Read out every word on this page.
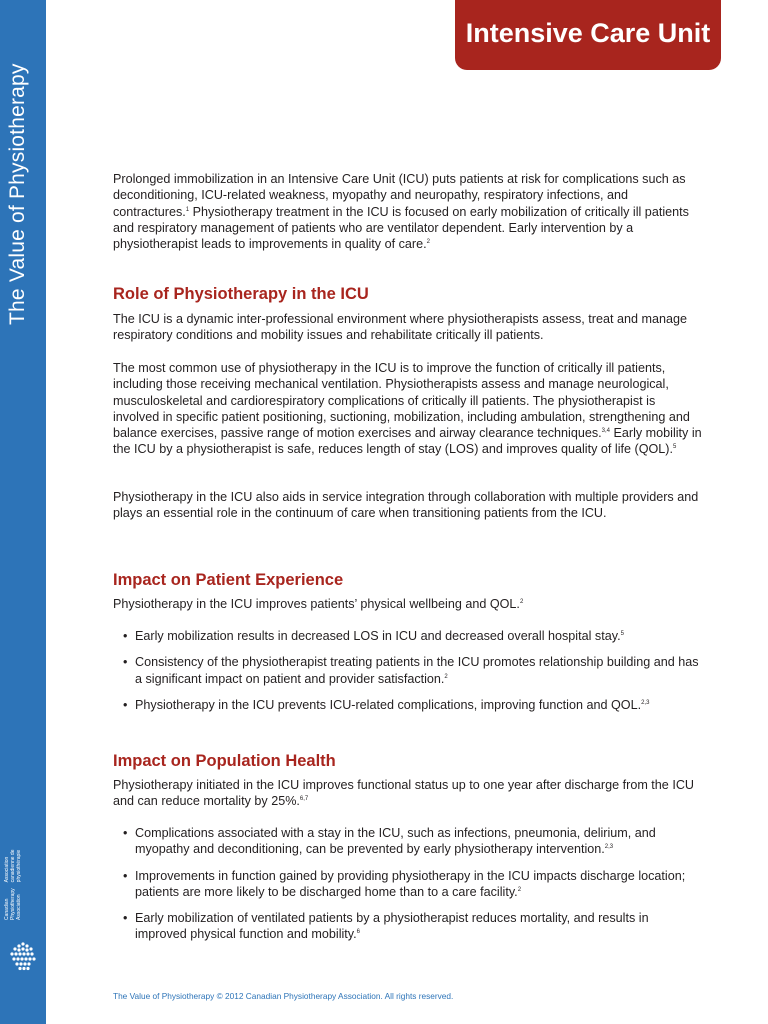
The Value of Physiotherapy
Canadian Physiotherapy Association
Association canadienne de physiothérapie
Intensive Care Unit

Prolonged immobilization in an Intensive Care Unit (ICU) puts patients at risk for complications such as deconditioning, ICU-related weakness, myopathy and neuropathy, respiratory infections, and contractures.$^1$ Physiotherapy treatment in the ICU is focused on early mobilization of critically ill patients and respiratory management of patients who are ventilator dependent. Early intervention by a physiotherapist leads to improvements in quality of care.$^2$

Role of Physiotherapy in the ICU

The ICU is a dynamic inter-professional environment where physiotherapists assess, treat and manage respiratory conditions and mobility issues and rehabilitate critically ill patients.

The most common use of physiotherapy in the ICU is to improve the function of critically ill patients, including those receiving mechanical ventilation. Physiotherapists assess and manage neurological, musculoskeletal and cardiorespiratory complications of critically ill patients. The physiotherapist is involved in specific patient positioning, suctioning, mobilization, including ambulation, strengthening and balance exercises, passive range of motion exercises and airway clearance techniques.$^{3,4}$ Early mobility in the ICU by a physiotherapist is safe, reduces length of stay (LOS) and improves quality of life (QOL).$^5$

Physiotherapy in the ICU also aids in service integration through collaboration with multiple providers and plays an essential role in the continuum of care when transitioning patients from the ICU.

Impact on Patient Experience

Physiotherapy in the ICU improves patients’ physical wellbeing and QOL.$^2$

• Early mobilization results in decreased LOS in ICU and decreased overall hospital stay.$^5$
• Consistency of the physiotherapist treating patients in the ICU promotes relationship building and has a significant impact on patient and provider satisfaction.$^2$
• Physiotherapy in the ICU prevents ICU-related complications, improving function and QOL.$^{2,3}$
Impact on Population Health

Physiotherapy initiated in the ICU improves functional status up to one year after discharge from the ICU and can reduce mortality by 25%.$^{6,7}$

• Complications associated with a stay in the ICU, such as infections, pneumonia, delirium, and myopathy and deconditioning, can be prevented by early physiotherapy intervention.$^{2,3}$
• Improvements in function gained by providing physiotherapy in the ICU impacts discharge location; patients are more likely to be discharged home than to a care facility.$^2$
• Early mobilization of ventilated patients by a physiotherapist reduces mortality, and results in improved physical function and mobility.$^6$
The Value of Physiotherapy © 2012 Canadian Physiotherapy Association. All rights reserved.
